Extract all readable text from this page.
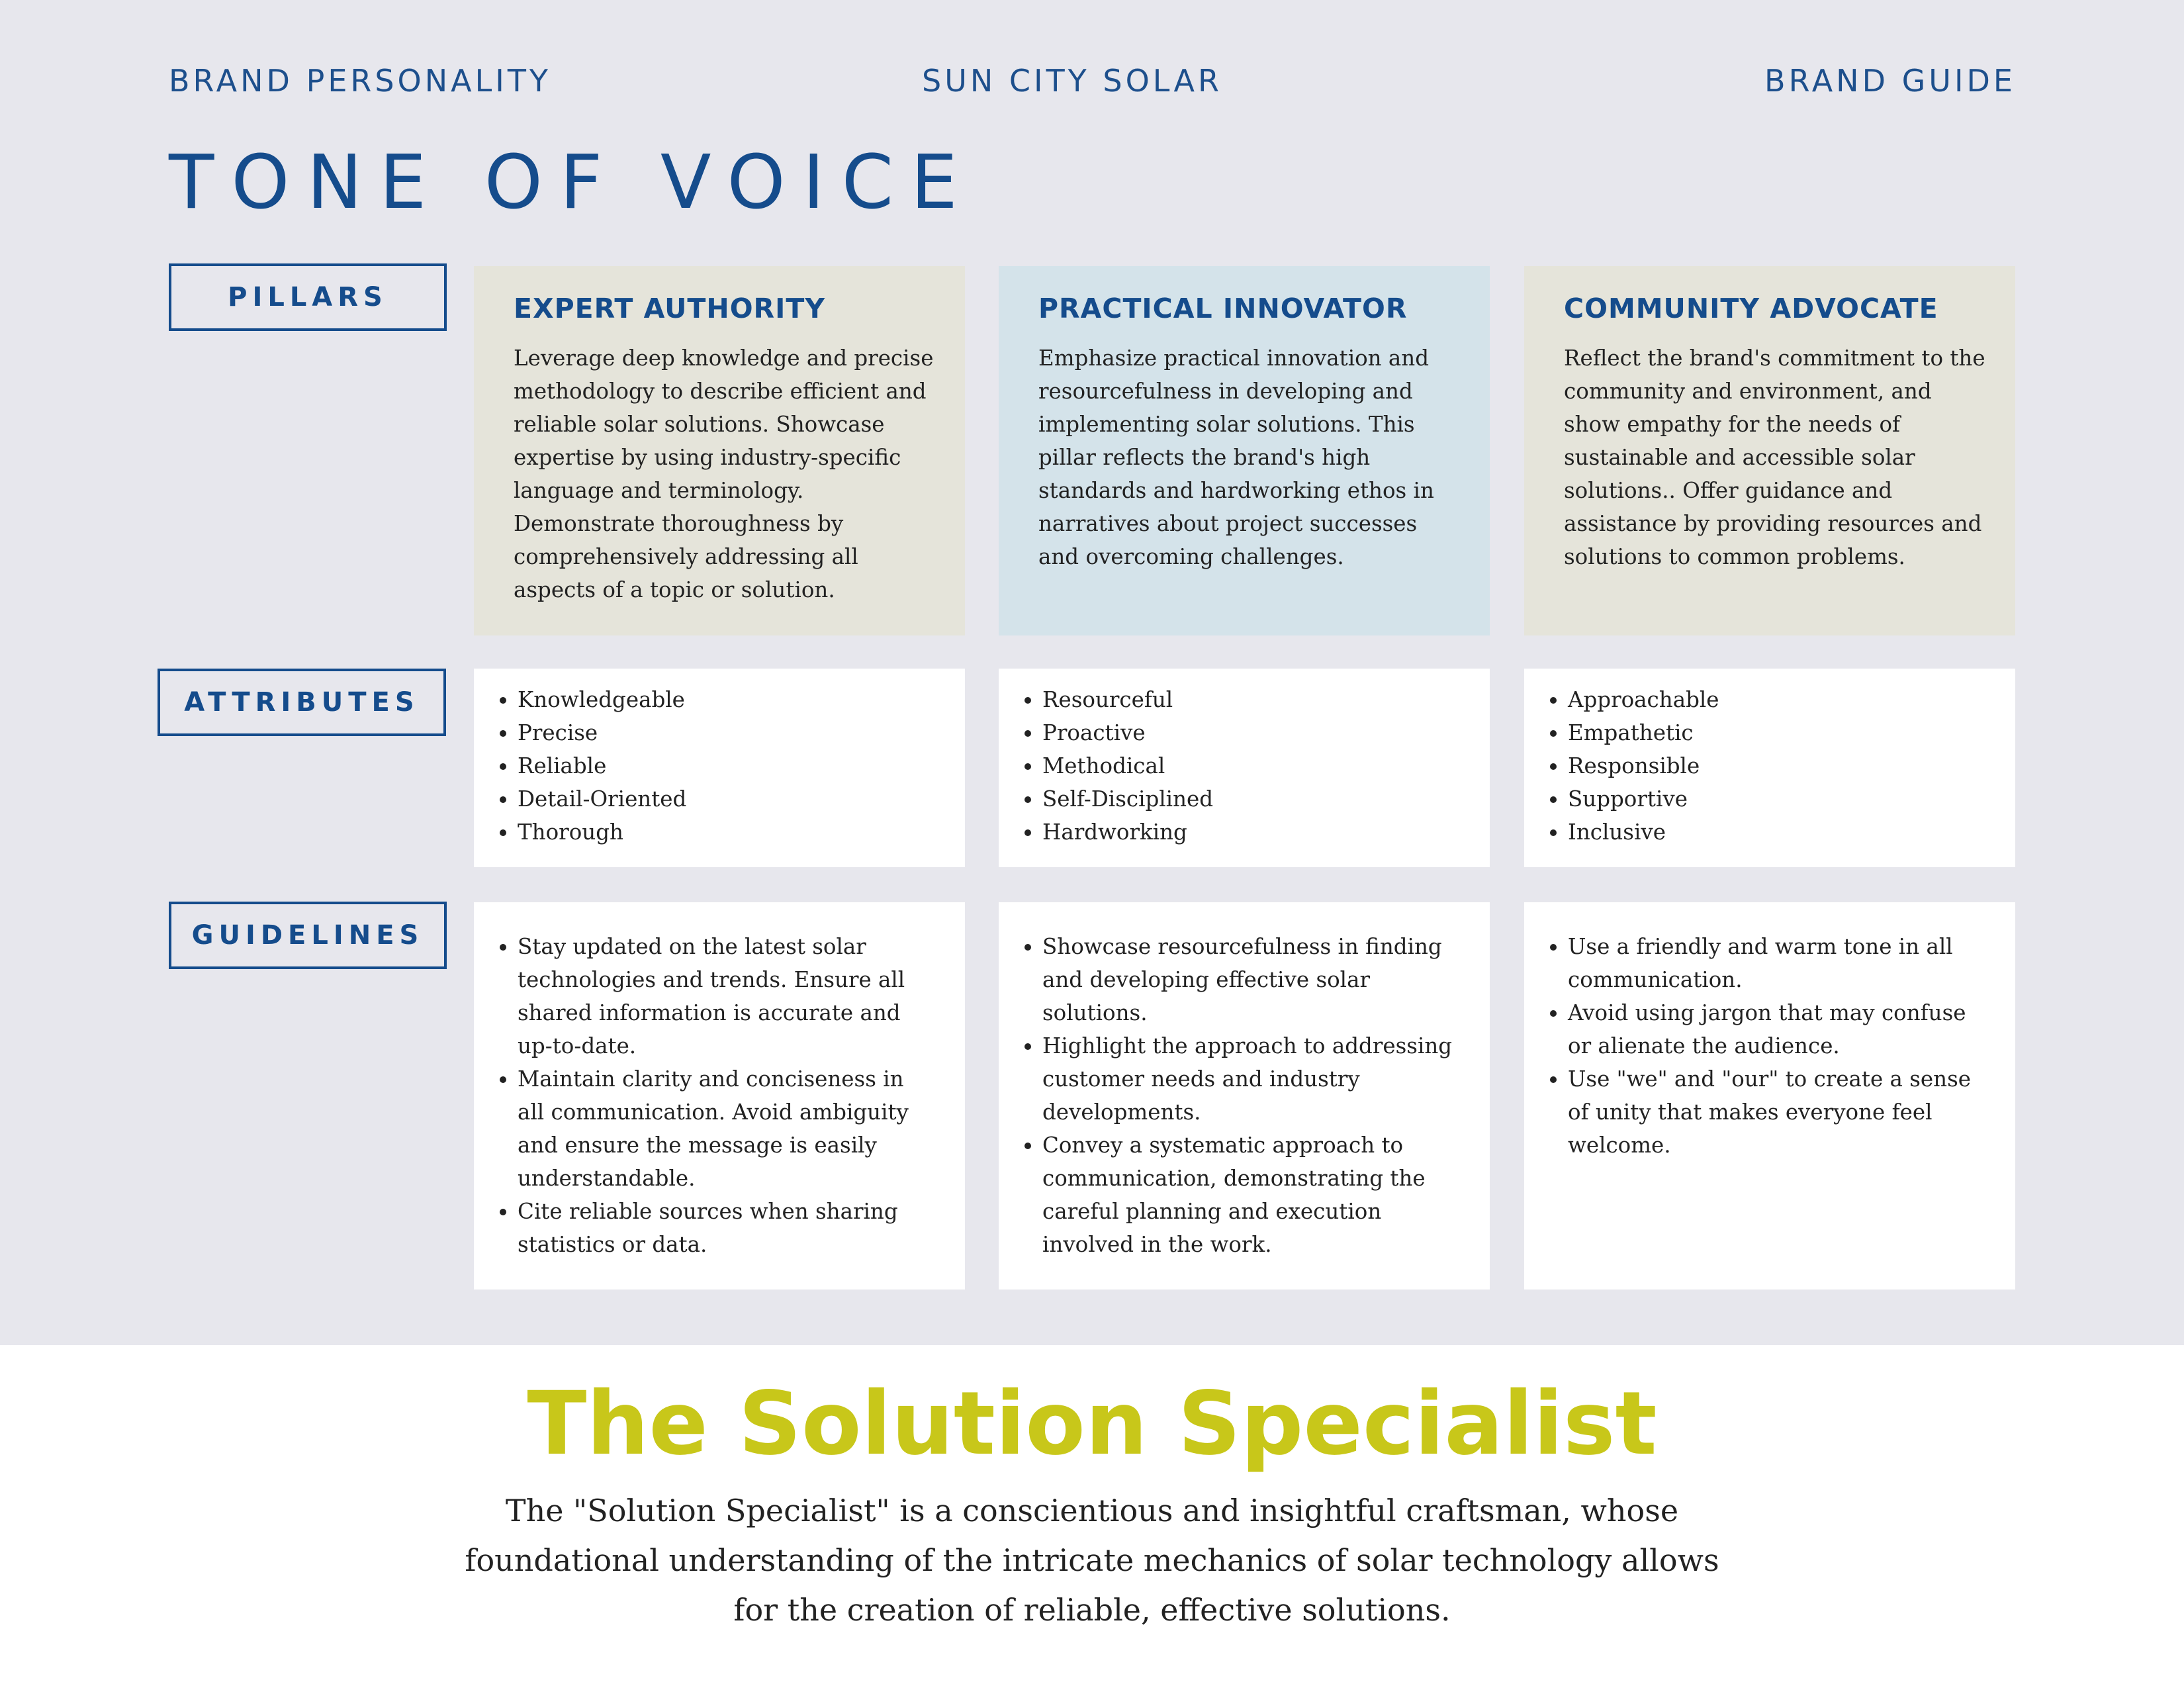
BRAND PERSONALITY	SUN CITY SOLAR	BRAND GUIDE
TONE OF VOICE
PILLARS
ATTRIBUTES
GUIDELINES
EXPERT AUTHORITY

Leverage deep knowledge and precise methodology to describe efficient and reliable solar solutions. Showcase expertise by using industry-specific language and terminology. Demonstrate thoroughness by comprehensively addressing all aspects of a topic or solution.

PRACTICAL INNOVATOR

Emphasize practical innovation and resourcefulness in developing and implementing solar solutions. This pillar reflects the brand's high standards and hardworking ethos in narratives about project successes and overcoming challenges.

COMMUNITY ADVOCATE

Reflect the brand's commitment to the community and environment, and show empathy for the needs of sustainable and accessible solar solutions.. Offer guidance and assistance by providing resources and solutions to common problems.

• Knowledgeable
• Precise
• Reliable
• Detail-Oriented
• Thorough
• Resourceful
• Proactive
• Methodical
• Self-Disciplined
• Hardworking
• Approachable
• Empathetic
• Responsible
• Supportive
• Inclusive
• Stay updated on the latest solar technologies and trends. Ensure all shared information is accurate and up-to-date.
• Maintain clarity and conciseness in all communication. Avoid ambiguity and ensure the message is easily understandable.
• Cite reliable sources when sharing statistics or data.
• Showcase resourcefulness in finding and developing effective solar solutions.
• Highlight the approach to addressing customer needs and industry developments.
• Convey a systematic approach to communication, demonstrating the careful planning and execution involved in the work.
• Use a friendly and warm tone in all communication.
• Avoid using jargon that may confuse or alienate the audience.
• Use "we" and "our" to create a sense of unity that makes everyone feel welcome.
The Solution Specialist
The "Solution Specialist" is a conscientious and insightful craftsman, whose foundational understanding of the intricate mechanics of solar technology allows for the creation of reliable, effective solutions.
